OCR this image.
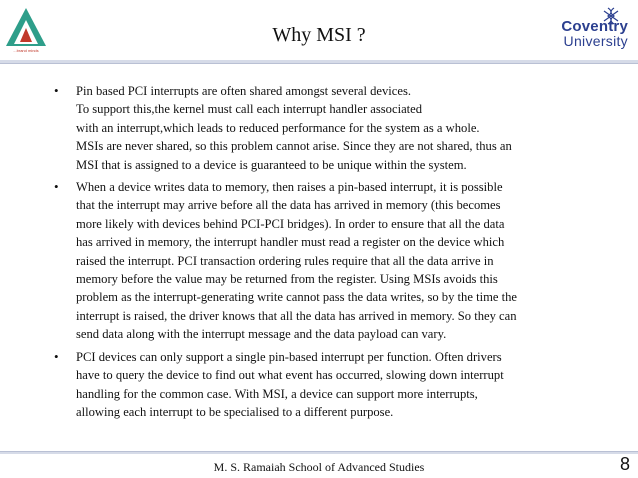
...brand minds
Why MSI ?	Coventry
University
• Pin based PCI interrupts are often shared amongst several devices.
To support this,the kernel must call each interrupt handler associated
with an interrupt,which leads to reduced performance for the system as a whole.
MSIs are never shared, so this problem cannot arise. Since they are not shared, thus an
MSI that is assigned to a device is guaranteed to be unique within the system.
• When a device writes data to memory, then raises a pin-based interrupt, it is possible
that the interrupt may arrive before all the data has arrived in memory (this becomes
more likely with devices behind PCI-PCI bridges). In order to ensure that all the data
has arrived in memory, the interrupt handler must read a register on the device which
raised the interrupt. PCI transaction ordering rules require that all the data arrive in
memory before the value may be returned from the register. Using MSIs avoids this
problem as the interrupt-generating write cannot pass the data writes, so by the time the
interrupt is raised, the driver knows that all the data has arrived in memory. So they can
send data along with the interrupt message and the data payload can vary.
• PCI devices can only support a single pin-based interrupt per function. Often drivers
have to query the device to find out what event has occurred, slowing down interrupt
handling for the common case. With MSI, a device can support more interrupts,
allowing each interrupt to be specialised to a different purpose.
M. S. Ramaiah School of Advanced Studies	8
